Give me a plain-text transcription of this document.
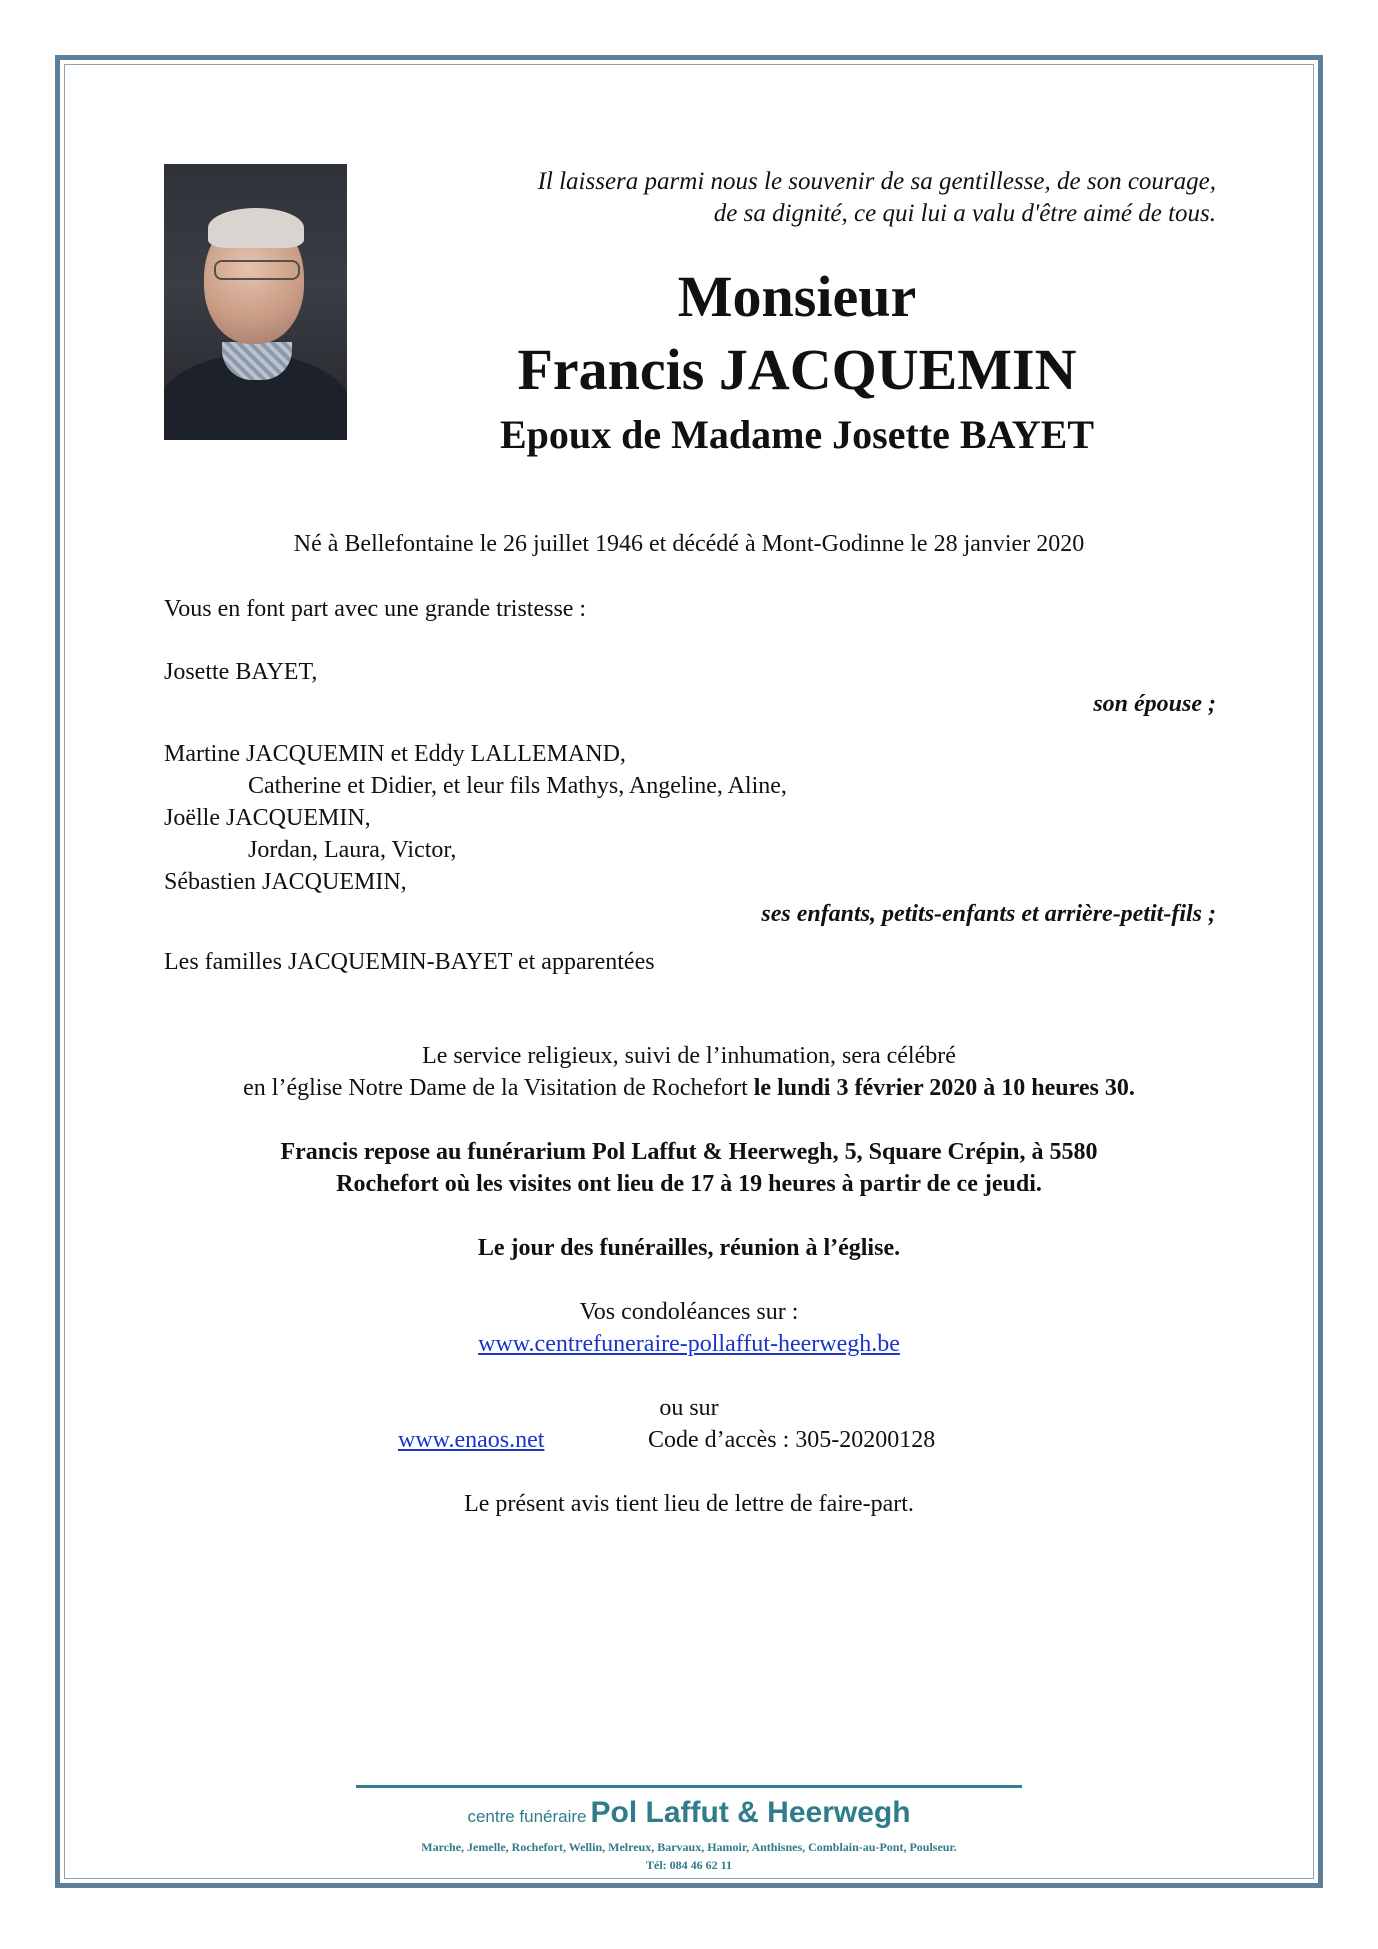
Il laissera parmi nous le souvenir de sa gentillesse, de son courage,
de sa dignité, ce qui lui a valu d'être aimé de tous.
Monsieur
Francis JACQUEMIN
Epoux de Madame Josette BAYET
Né à Bellefontaine le 26 juillet 1946 et décédé à Mont-Godinne le 28 janvier 2020
Vous en font part avec une grande tristesse :
Josette BAYET,
son épouse ;
Martine JACQUEMIN et Eddy LALLEMAND,
Catherine et Didier, et leur fils Mathys, Angeline, Aline,
Joëlle JACQUEMIN,
Jordan, Laura, Victor,
Sébastien JACQUEMIN,
ses enfants, petits-enfants et arrière-petit-fils ;
Les familles JACQUEMIN-BAYET et apparentées
Le service religieux, suivi de l’inhumation, sera célébré
en l’église Notre Dame de la Visitation de Rochefort le lundi 3 février 2020 à 10 heures 30.
Francis repose au funérarium Pol Laffut & Heerwegh, 5, Square Crépin, à 5580
Rochefort où les visites ont lieu de 17 à 19 heures à partir de ce jeudi.
Le jour des funérailles, réunion à l’église.
Vos condoléances sur :
www.centrefuneraire-pollaffut-heerwegh.be
ou sur
www.enaos.net	Code d’accès : 305-20200128
Le présent avis tient lieu de lettre de faire-part.
centre funéraire Pol Laffut & Heerwegh
Marche, Jemelle, Rochefort, Wellin, Melreux, Barvaux, Hamoir, Anthisnes, Comblain-au-Pont, Poulseur.
Tél: 084 46 62 11
